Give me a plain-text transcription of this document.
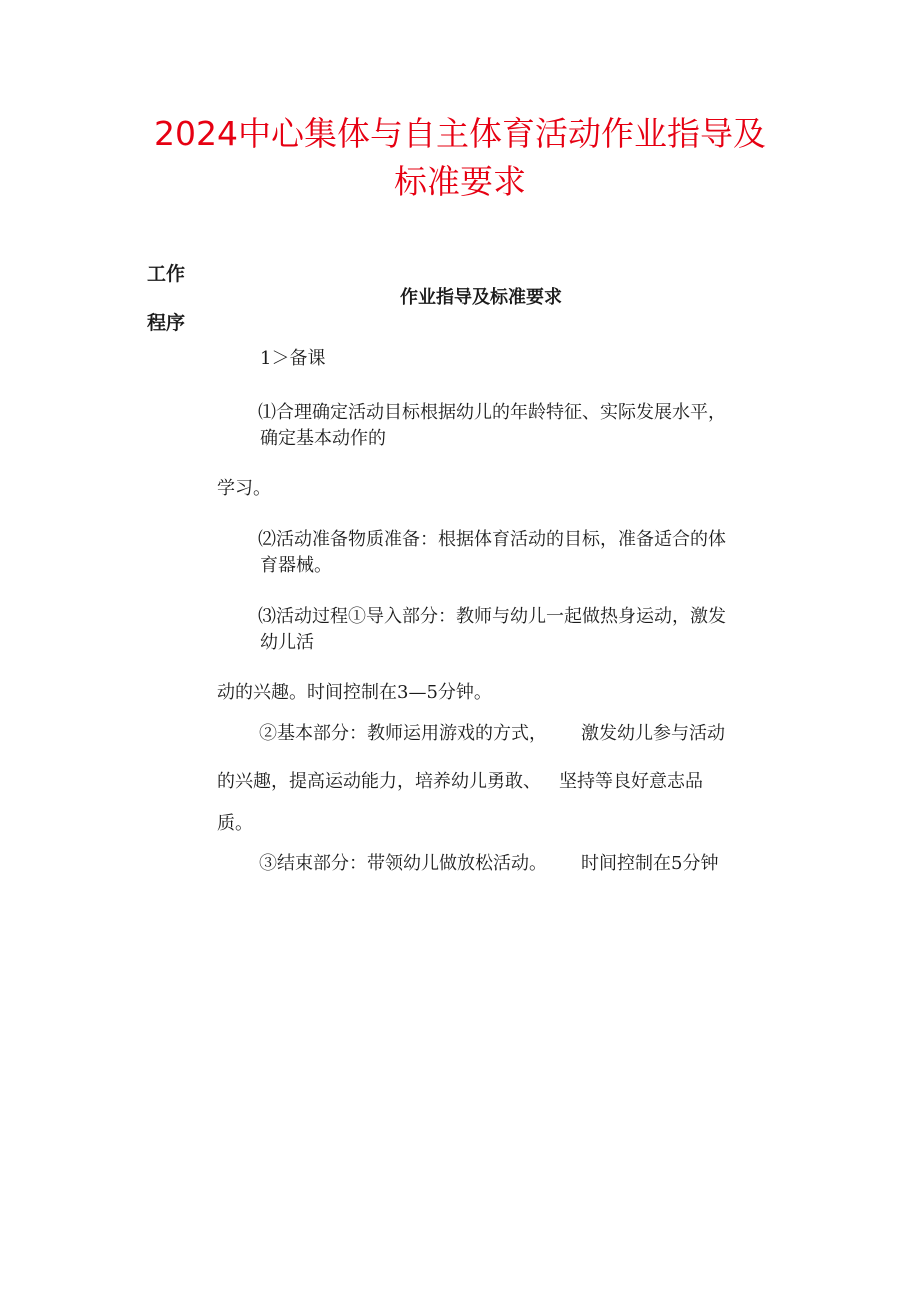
2024中心集体与自主体育活动作业指导及
标准要求
工作
作业指导及标准要求
程序
1＞备课
⑴合理确定活动目标根据幼儿的年龄特征、实际发展水平，
确定基本动作的
学习。
⑵活动准备物质准备：根据体育活动的目标，准备适合的体
育器械。
⑶活动过程①导入部分：教师与幼儿一起做热身运动，激发
幼儿活
动的兴趣。时间控制在3—5分钟。
②基本部分：教师运用游戏的方式， 激发幼儿参与活动
的兴趣，提高运动能力，培养幼儿勇敢、 坚持等良好意志品
质。
③结束部分：带领幼儿做放松活动。 时间控制在5分钟
